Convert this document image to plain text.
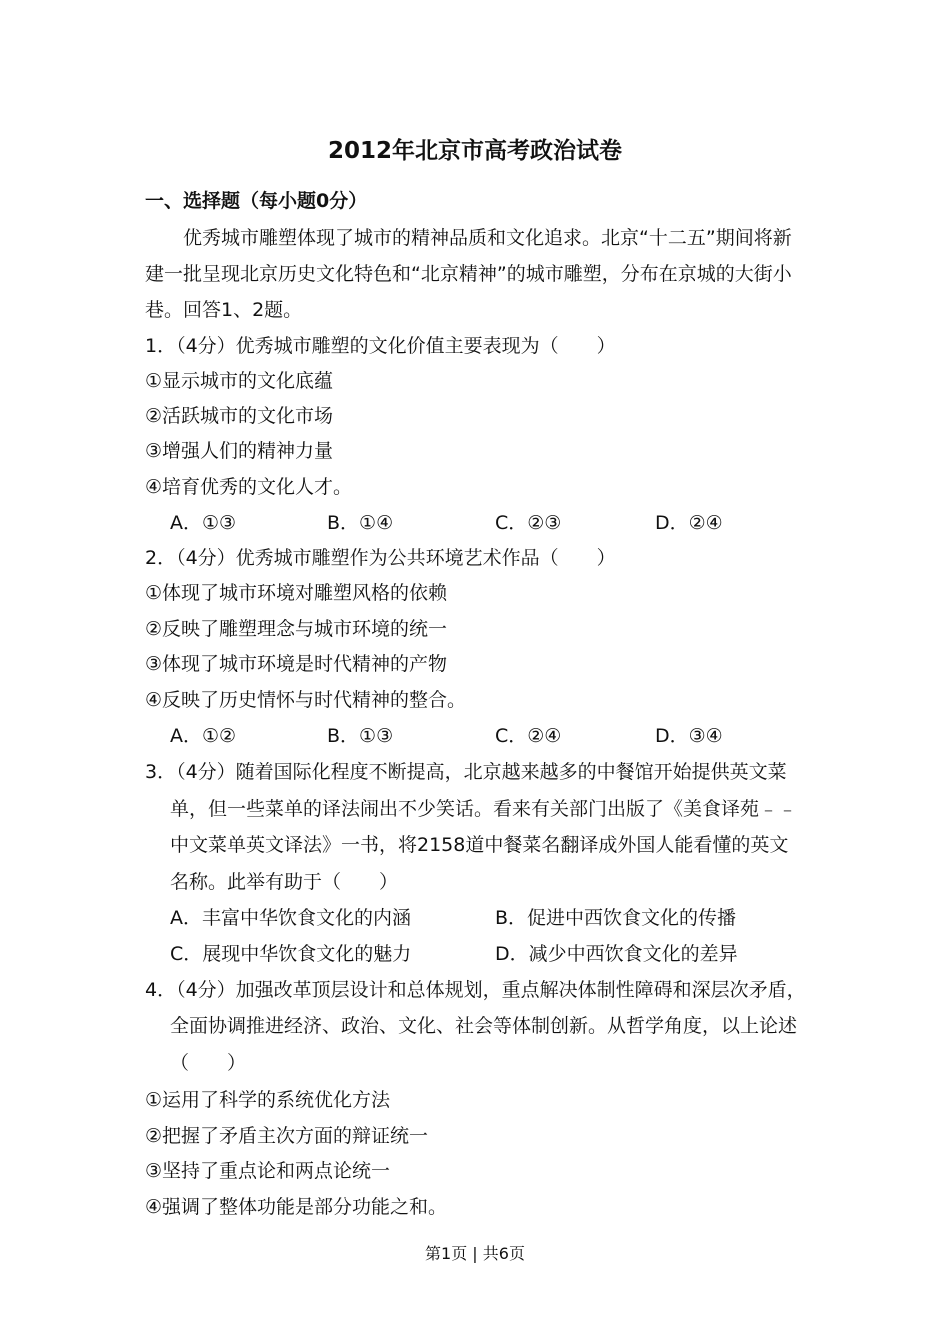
2012年北京市高考政治试卷
一、选择题（每小题0分）
优秀城市雕塑体现了城市的精神品质和文化追求。北京“十二五”期间将新
建一批呈现北京历史文化特色和“北京精神”的城市雕塑，分布在京城的大街小
巷。回答1、2题。
1．（4分）优秀城市雕塑的文化价值主要表现为（　　）
①显示城市的文化底蕴
②活跃城市的文化市场
③增强人们的精神力量
④培育优秀的文化人才。
A．①③	B．①④	C．②③	D．②④
2．（4分）优秀城市雕塑作为公共环境艺术作品（　　）
①体现了城市环境对雕塑风格的依赖
②反映了雕塑理念与城市环境的统一
③体现了城市环境是时代精神的产物
④反映了历史情怀与时代精神的整合。
A．①②	B．①③	C．②④	D．③④
3．（4分）随着国际化程度不断提高，北京越来越多的中餐馆开始提供英文菜
单，但一些菜单的译法闹出不少笑话。看来有关部门出版了《美食译苑﹣﹣
中文菜单英文译法》一书，将2158道中餐菜名翻译成外国人能看懂的英文
名称。此举有助于（　　）
A．丰富中华饮食文化的内涵	B．促进中西饮食文化的传播
C．展现中华饮食文化的魅力	D．减少中西饮食文化的差异
4．（4分）加强改革顶层设计和总体规划，重点解决体制性障碍和深层次矛盾，
全面协调推进经济、政治、文化、社会等体制创新。从哲学角度，以上论述
（　　）
①运用了科学的系统优化方法
②把握了矛盾主次方面的辩证统一
③坚持了重点论和两点论统一
④强调了整体功能是部分功能之和。
第1页 | 共6页
